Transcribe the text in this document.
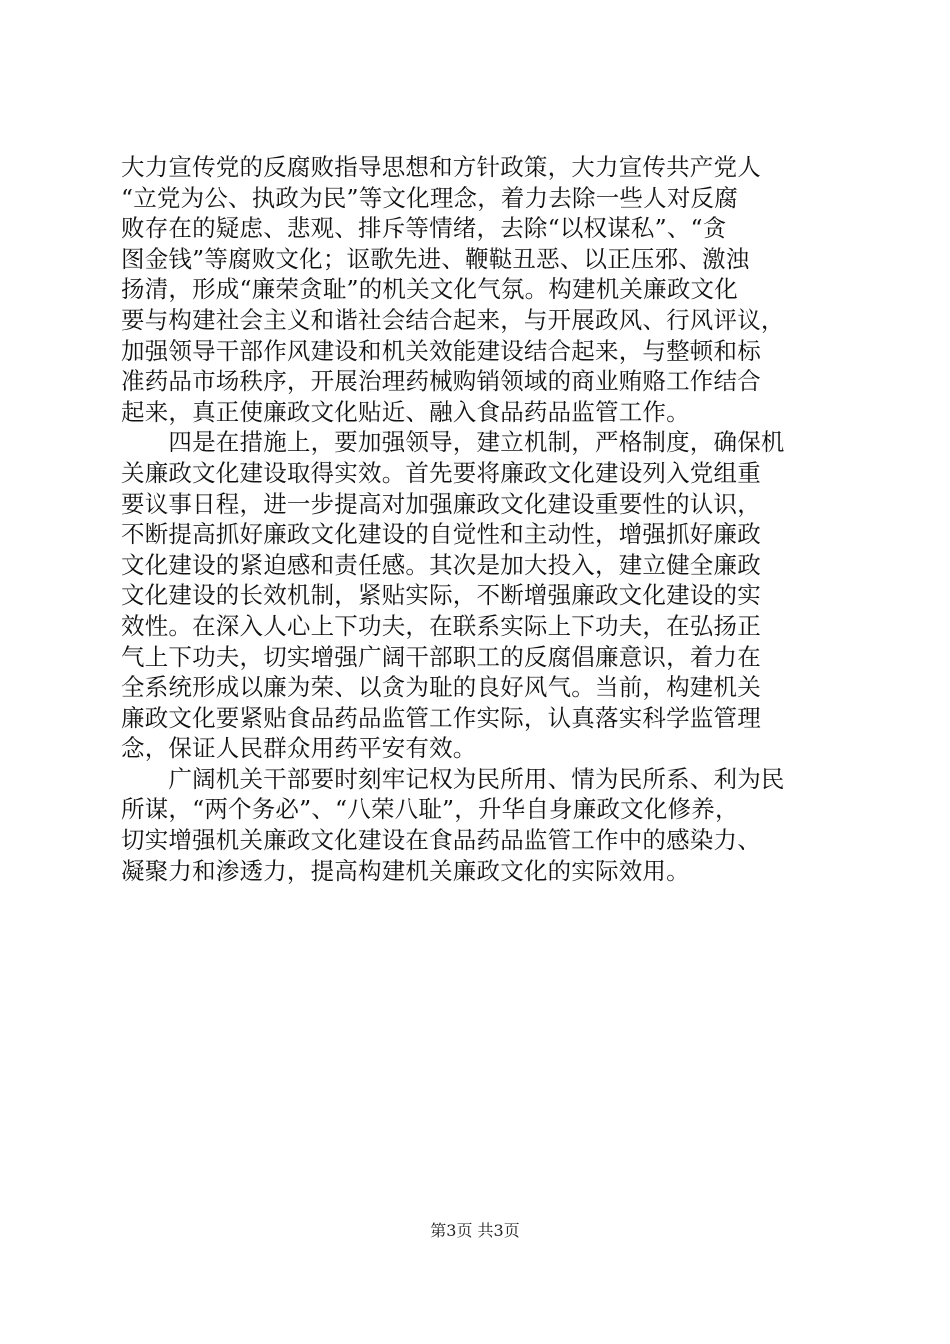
大力宣传党的反腐败指导思想和方针政策，大力宣传共产党人
“立党为公、执政为民”等文化理念，着力去除一些人对反腐
败存在的疑虑、悲观、排斥等情绪，去除“以权谋私”、“贪
图金钱”等腐败文化；讴歌先进、鞭鞑丑恶、以正压邪、激浊
扬清，形成“廉荣贪耻”的机关文化气氛。构建机关廉政文化
要与构建社会主义和谐社会结合起来，与开展政风、行风评议，
加强领导干部作风建设和机关效能建设结合起来，与整顿和标
准药品市场秩序，开展治理药械购销领域的商业贿赂工作结合
起来，真正使廉政文化贴近、融入食品药品监管工作。
　　四是在措施上，要加强领导，建立机制，严格制度，确保机
关廉政文化建设取得实效。首先要将廉政文化建设列入党组重
要议事日程，进一步提高对加强廉政文化建设重要性的认识，
不断提高抓好廉政文化建设的自觉性和主动性，增强抓好廉政
文化建设的紧迫感和责任感。其次是加大投入，建立健全廉政
文化建设的长效机制，紧贴实际，不断增强廉政文化建设的实
效性。在深入人心上下功夫，在联系实际上下功夫，在弘扬正
气上下功夫，切实增强广阔干部职工的反腐倡廉意识，着力在
全系统形成以廉为荣、以贪为耻的良好风气。当前，构建机关
廉政文化要紧贴食品药品监管工作实际，认真落实科学监管理
念，保证人民群众用药平安有效。
　　广阔机关干部要时刻牢记权为民所用、情为民所系、利为民
所谋，“两个务必”、“八荣八耻”，升华自身廉政文化修养，
切实增强机关廉政文化建设在食品药品监管工作中的感染力、
凝聚力和渗透力，提高构建机关廉政文化的实际效用。
第3页 共3页
